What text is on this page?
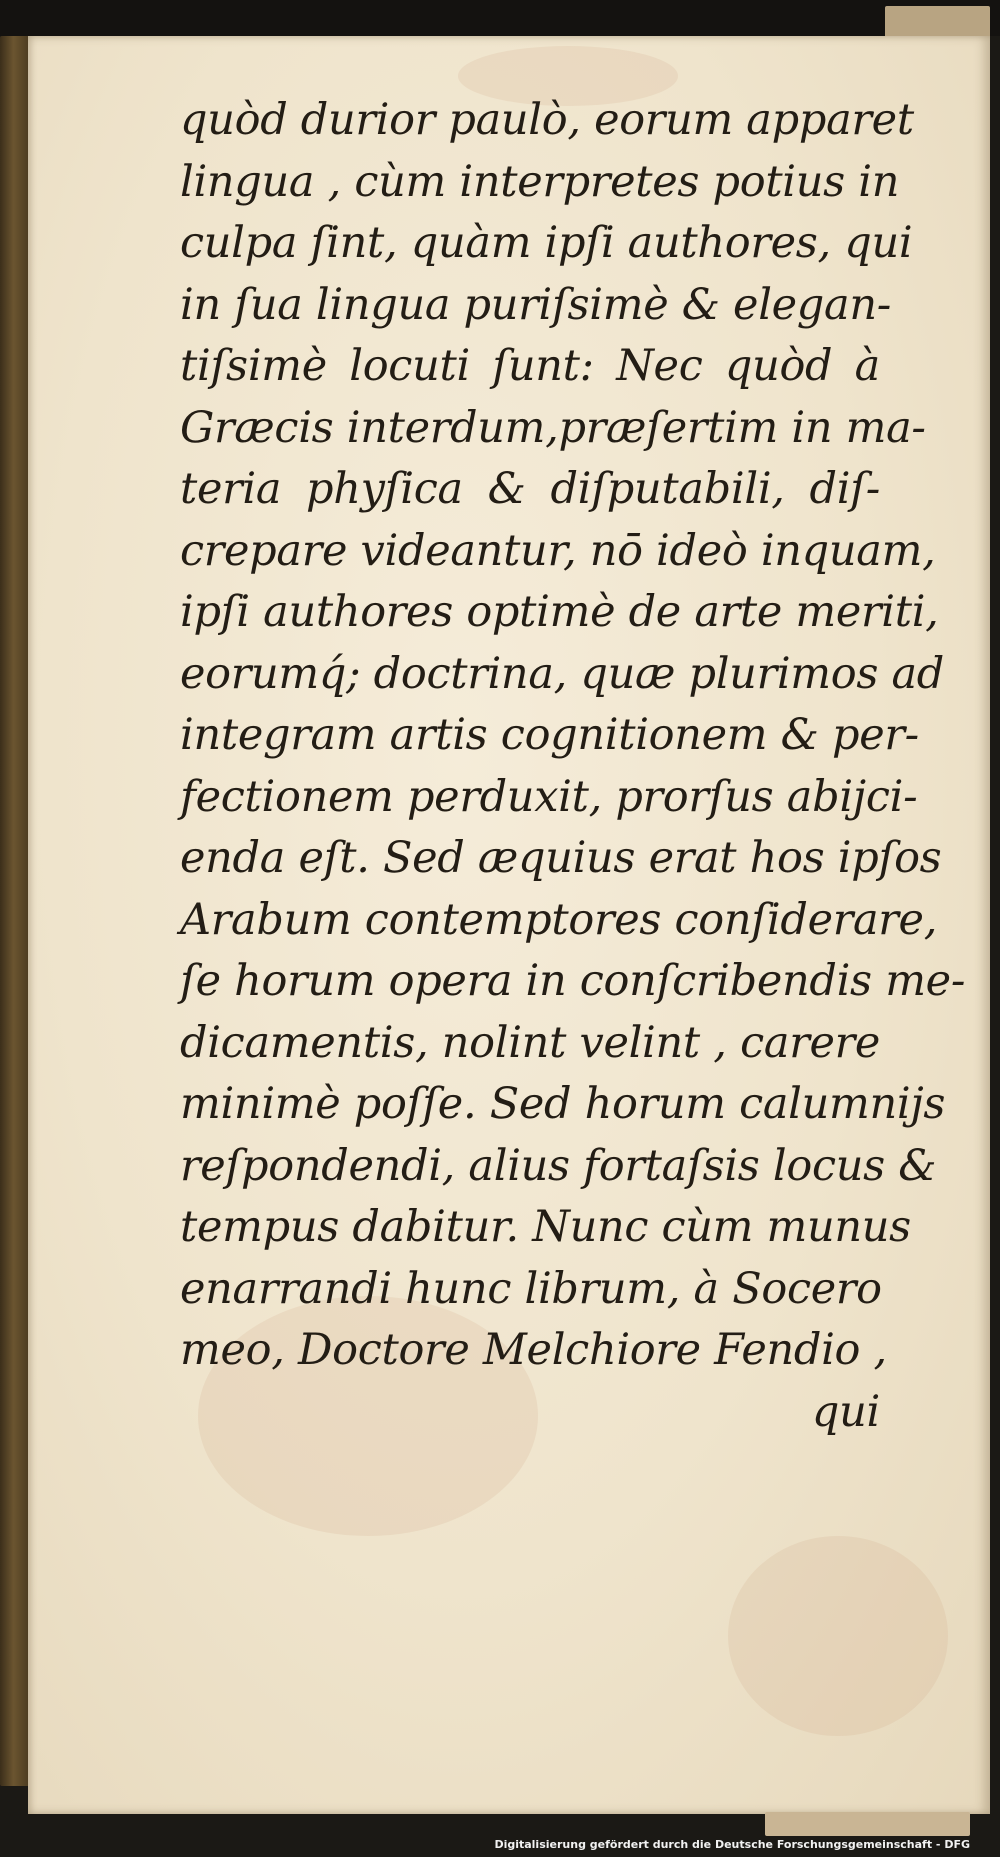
quòd durior paulò, eorum apparet
lingua , cùm interpretes potius in
culpa ſint, quàm ipſi authores, qui
in ſua lingua puriſsimè & elegan-
tiſsimè locuti ſunt: Nec quòd à
Græcis interdum,præſertim in ma-
teria phyſica & diſputabili, diſ-
crepare videantur, nō ideò inquam,
ipſi authores optimè de arte meriti,
eorumq́; doctrina, quæ plurimos ad
integram artis cognitionem & per-
fectionem perduxit, prorſus abijci-
enda eſt. Sed æquius erat hos ipſos
Arabum contemptores conſiderare,
ſe horum opera in conſcribendis me-
dicamentis, nolint velint , carere
minimè poſſe. Sed horum calumnijs
reſpondendi, alius fortaſsis locus &
tempus dabitur. Nunc cùm munus
enarrandi hunc librum, à Socero
meo, Doctore Melchiore Fendio ,
qui
Digitalisierung gefördert durch die Deutsche Forschungsgemeinschaft - DFG
